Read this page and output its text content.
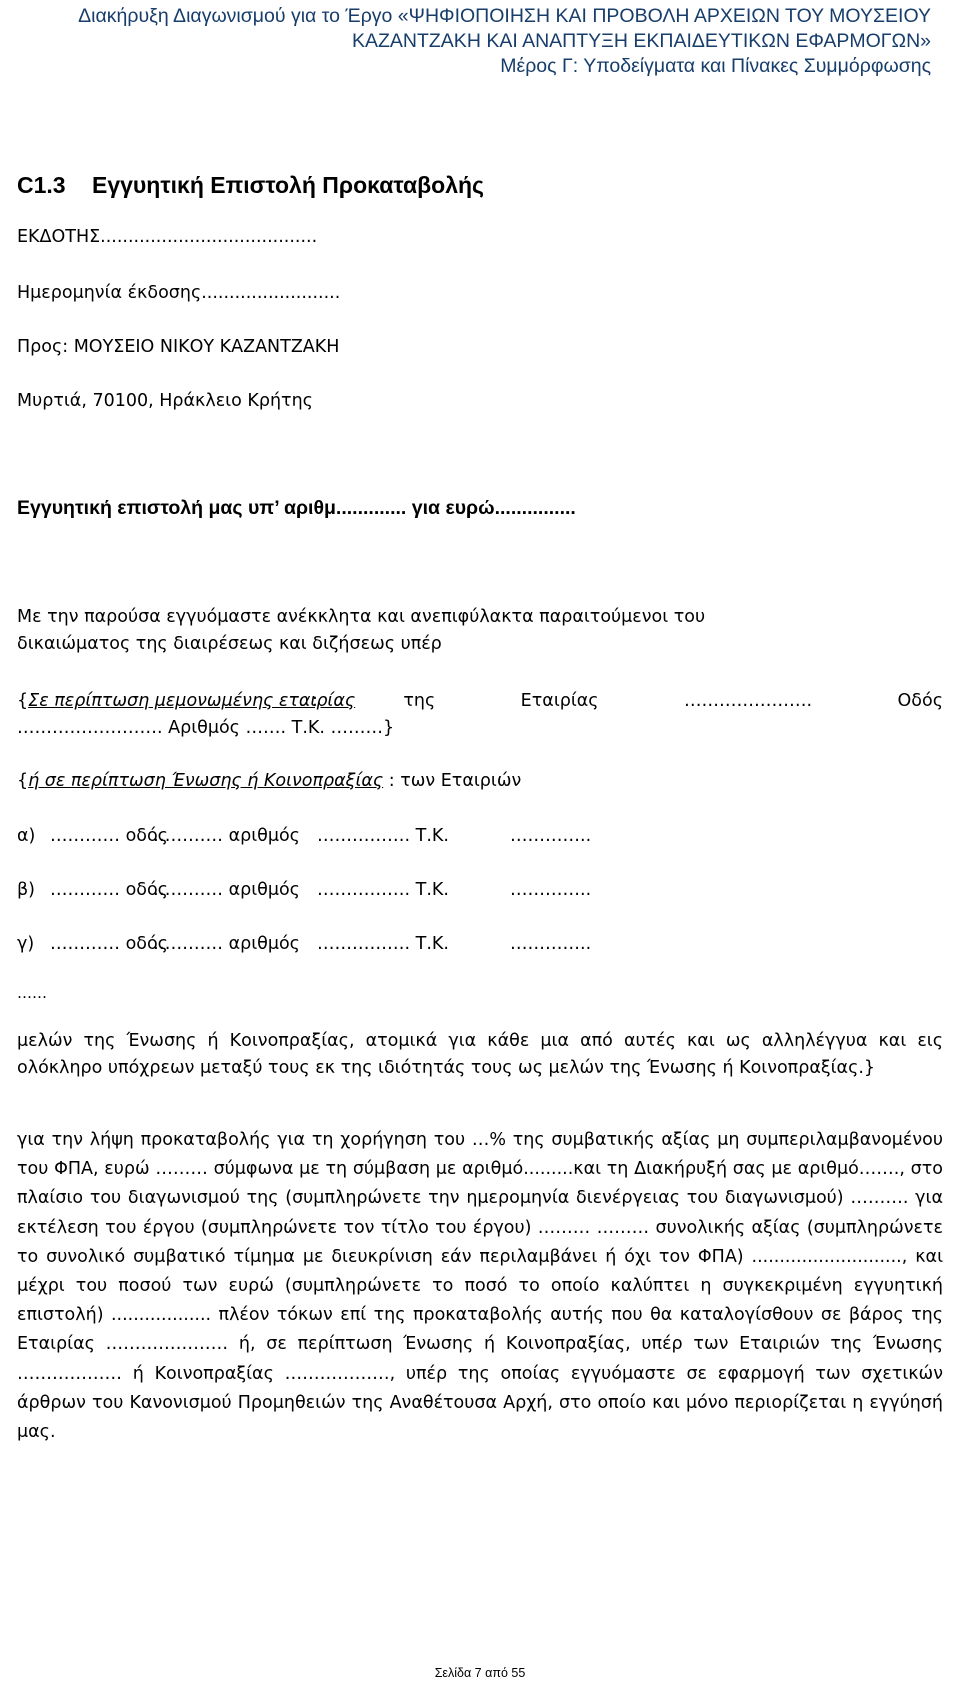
Διακήρυξη Διαγωνισμού για το Έργο «ΨΗΦΙΟΠΟΙΗΣΗ ΚΑΙ ΠΡΟΒΟΛΗ ΑΡΧΕΙΩΝ ΤΟΥ ΜΟΥΣΕΙΟΥ
ΚΑΖΑΝΤΖΑΚΗ ΚΑΙ ΑΝΑΠΤΥΞΗ ΕΚΠΑΙΔΕΥΤΙΚΩΝ ΕΦΑΡΜΟΓΩΝ»
Μέρος Γ: Υποδείγματα και Πίνακες Συμμόρφωσης
C1.3 Εγγυητική Επιστολή Προκαταβολής
ΕΚΔΟΤΗΣ.......................................
Ημερομηνία έκδοσης.........................
Προς: ΜΟΥΣΕΙΟ ΝΙΚΟΥ ΚΑΖΑΝΤΖΑΚΗ
Μυρτιά, 70100, Ηράκλειο Κρήτης
Εγγυητική επιστολή μας υπ’ αριθμ............. για ευρώ...............
Με την παρούσα εγγυόμαστε ανέκκλητα και ανεπιφύλακτα παραιτούμενοι του
δικαιώματος της διαιρέσεως και διζήσεως υπέρ
{Σε περίπτωση μεμονωμένης εταιρίας
: της Εταιρίας …………………. Οδός
……………………. Αριθμός ……. Τ.Κ. ………}
{ή σε περίπτωση Ένωσης ή Κοινοπραξίας : των Εταιριών
α) ………… οδός………… αριθμός ……………. Τ.Κ.	…………..
β) ………… οδός………… αριθμός ……………. Τ.Κ.	…………..
γ) ………… οδός………… αριθμός ……………. Τ.Κ.	…………..
……
μελών της Ένωσης ή Κοινοπραξίας, ατομικά για κάθε μια από αυτές και ως αλληλέγγυα και εις ολόκληρο υπόχρεων μεταξύ τους εκ της ιδιότητάς τους ως μελών της Ένωσης ή Κοινοπραξίας.}
για την λήψη προκαταβολής για τη χορήγηση του …% της συμβατικής αξίας μη συμπεριλαμβανομένου του ΦΠΑ, ευρώ ……… σύμφωνα με τη σύμβαση με αριθμό.........και τη Διακήρυξή σας με αριθμό……., στο πλαίσιο του διαγωνισμού της (συμπληρώνετε την ημερομηνία διενέργειας του διαγωνισμού) ………. για εκτέλεση του έργου (συμπληρώνετε τον τίτλο του έργου) ……… ……… συνολικής αξίας (συμπληρώνετε το συνολικό συμβατικό τίμημα με διευκρίνιση εάν περιλαμβάνει ή όχι τον ΦΠΑ) ..........................., και μέχρι του ποσού των ευρώ (συμπληρώνετε το ποσό το οποίο καλύπτει η συγκεκριμένη εγγυητική επιστολή) .................. πλέον τόκων επί της προκαταβολής αυτής που θα καταλογίσθουν σε βάρος της Εταιρίας ………………… ή, σε περίπτωση Ένωσης ή Κοινοπραξίας, υπέρ των Εταιριών της Ένωσης ……………… ή Κοινοπραξίας ………………, υπέρ της οποίας εγγυόμαστε σε εφαρμογή των σχετικών άρθρων του Κανονισμού Προμηθειών της Αναθέτουσα Αρχή, στο οποίο και μόνο περιορίζεται η εγγύησή μας.
Σελίδα 7 από 55
